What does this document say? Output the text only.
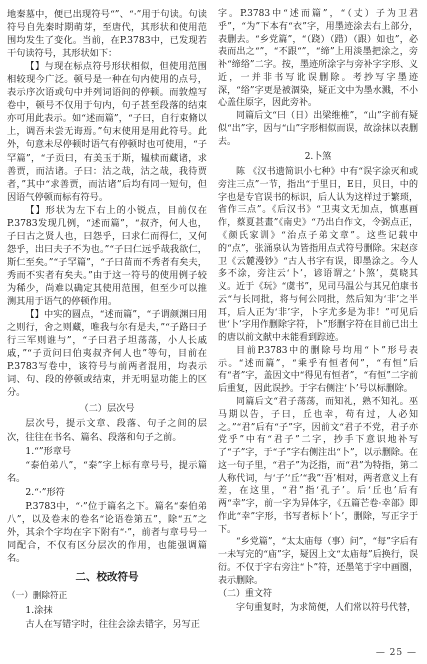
地秦墓中，便已出现符号“”、“·”用于句读。句读符号自先秦时期萌芽，至唐代，其形状和使用范围均发生了变化。当前，在P.3783中，已发现若干句读符号，其形状如下：

【】与现在标点符号形状相似，但使用范围相较现今广泛。顿号是一种在句内使用的点号，表示序次语或句中并列词语间的停顿。而敦煌写卷中，顿号不仅用于句内，句子甚至段落的结束亦可用此表示。如“述而篇”，“子曰，自行束脩以上，调吾未尝无诲焉。”句末使用是用此符号。此外，句意未尽停顿时语气有停顿时也可使用，“子罕篇”，“子贡曰，有美玉于斯，韫椟而藏诸，求善贾，而沽诸。子曰：沽之哉，沽之哉，我待贾者，”其中“求善贾，而沽诸”后均有同一短句，但因语气停顿而标有符号。

【】形状为左下右上的小锐点，目前仅在P.3783发现几例，“述而篇”，“叔齐，何人也，子曰古之贤人也，曰怨乎，曰求仁而得仁，又何怨乎，出曰夫子不为也。”“子曰仁远乎哉我欲仁，斯仁至矣。”“子罕篇”，“子曰苗而不秀者有矣夫，秀而不实者有矣夫。”由于这一符号的使用例子较为稀少，尚难以确定其使用范围，但至少可以推测其用于语气的停顿作用。

【】中实的圆点，“述而篇”，“子谓颜渊曰用之则行，舍之则藏，唯我与尔有是夫，”“子路曰子行三军则谁与”，“子曰君子坦荡荡，小人长戚戚，”“子贡问曰伯夷叔齐何人也”等句，目前在P.3783写卷中，该符号与前两者混用，均表示词、句、段的停顿或结束，并无明显功能上的区分。

（二）层次号

层次号，提示文章、段落、句子之间的层次，往往在书名、篇名、段落和句子之前。

1.“”形章号

“泰伯弟八”，“泰”字上标有章号号，提示篇名。

2.“·”形符

P.3783中，“·”位于篇名之下。篇名“泰伯弟八”，以及卷末的卷名“论语卷第五”，除“五”之外，其余个字均在字下附有“·”，前者与章号号一同配合，不仅有区分层次的作用，也能强调篇名。

二、校改符号
（一）删除符正
1.涂抹

古人在写错字时，往往会涂去错字，另写正

字。P.3783中“述而篇”，“（丈）子为卫君乎”，“为”下本有“衣”字，用墨迹涂去右上部分，表删去。“乡党篇”，“（跷）（踖）（跟）如也”，必表而出之“”，“不跟“”，“缔”上用淡墨把涂之，旁补“缔绤”二字。按，墨迹所涂字与旁补字字形、义近，一并非书写讹误删除。考抄写字墨迹深，“绤”字更是被涸染，疑正文中为墨水溅，不小心盖住原字，因此旁补。

同篇后文“曰（日）出梁维椎”，“山”字前有疑似“出”字，因与“山”字形相似而误，故涂抹以表删去。

2.卜煞

陈 《汉书遗简识小七种》中有“误字涂灭和或旁注三点”一节，指出“于里日，E日，贝日，中的字也是专官误书的标识，后人认为这样过于繁琐，省作三点”。《后汉书》“卫夷文无加点，慎惠画作，蔡夏甚畫”《南史》“乃出白作文，令弼点正，《颜氏家训》“治点子弟文章”。这些记载中的“点”，张涌泉认为皆指用点式符号删除。宋赵彦卫《云麓漫钞》“古人书字有误，即墨涂之。今人多不涂，旁注云‘卜’，谚语谓之‘卜煞’，莫晓其义。近于《玩》“虞书”，见司马温公与其兄伯康书云“与长同批，将与何公同批，然后知为‘非’之半耳，后人正为‘非’字，卜字尤多是为非！”可见后世‘卜’字用作删除字符，卜”形删字符在目前已出土的唐以前文献中未能看到踪迹。

目前P.3783中的删除号均用“卜”形号表示。“述而篇”，“乘乎有恒者何”，“有恒”后有“者”字，盖因文中“得见有恒者”，“有恒”二字前后重复，因此误抄。于字右侧注‘卜’号以标删除。

同篇后文“君子荡荡，而知礼，熟不知礼。巫马期以告，子曰，丘也幸，苟有过，人必知之。”“君”后有“子”字，因前文“君子不党，君子亦党乎”中有“君子”二字，抄手下意识地补写了“子”字，于“子”字右侧注出“卜”，以示删除。在这一句子里，“君子”为泛指，而“君”为特指，第二人称代词，与‘子’‘丘’“我”‘吾’相对，两者意义上有差，在这里，“君”指‘孔子’。后‘丘也’后有两“幸”字，前一字为异体字，《五篇芒卷·幸部》即作此“幸”字形，书写者标卜‘卜’，删除，写正字于下。

“乡党篇”，“太太庙每（事）问”，“每”字后有一未写完的“庙”字，疑因上文“太庙每”后换行，误衍。不仅于字右旁注“卜”符，还墨笔于字中画圈，表示删除。

（二）重文符

字句重复时，为求简便，人们常以符号代替，

— 25 —
